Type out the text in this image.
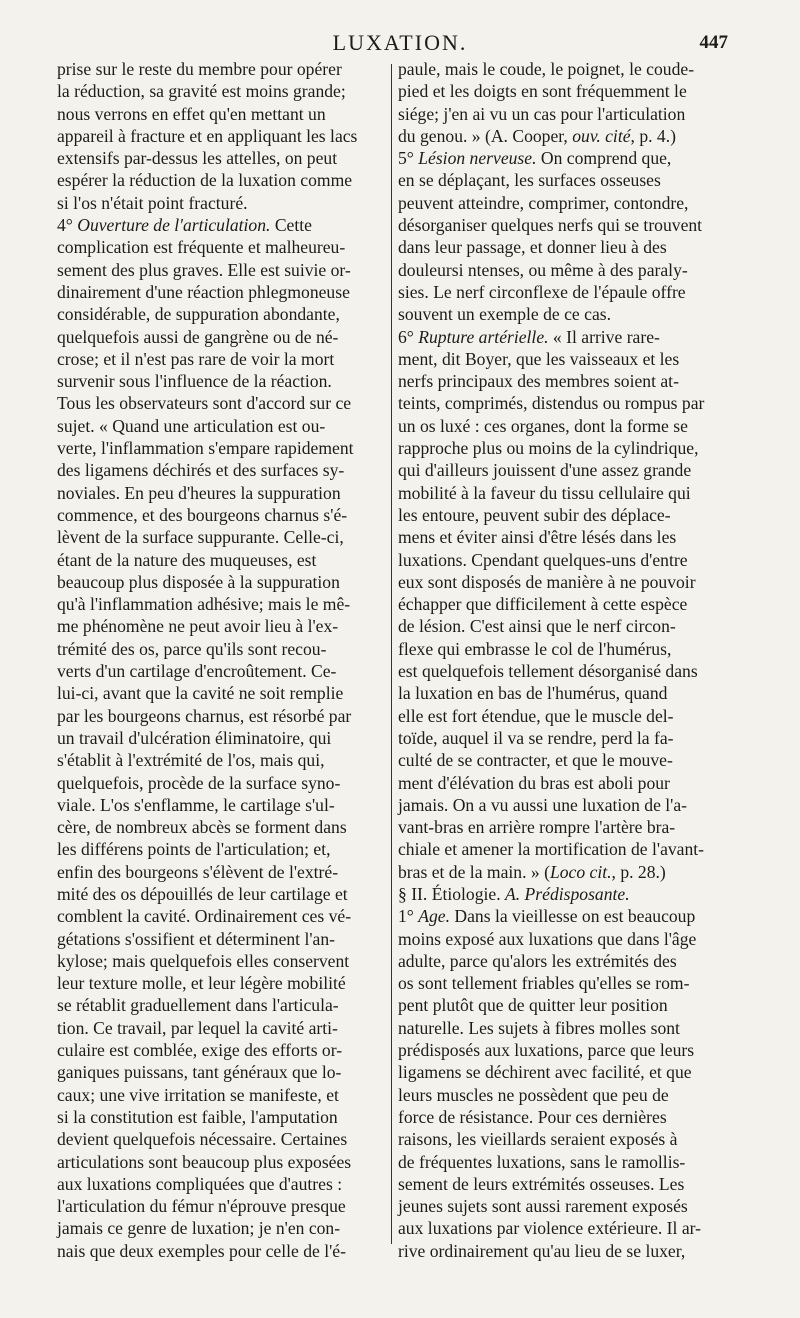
LUXATION.	447
prise sur le reste du membre pour opérer
la réduction, sa gravité est moins grande;
nous verrons en effet qu'en mettant un
appareil à fracture et en appliquant les lacs
extensifs par-dessus les attelles, on peut
espérer la réduction de la luxation comme
si l'os n'était point fracturé.
4° Ouverture de l'articulation. Cette
complication est fréquente et malheureu-
sement des plus graves. Elle est suivie or-
dinairement d'une réaction phlegmoneuse
considérable, de suppuration abondante,
quelquefois aussi de gangrène ou de né-
crose; et il n'est pas rare de voir la mort
survenir sous l'influence de la réaction.
Tous les observateurs sont d'accord sur ce
sujet. « Quand une articulation est ou-
verte, l'inflammation s'empare rapidement
des ligamens déchirés et des surfaces sy-
noviales. En peu d'heures la suppuration
commence, et des bourgeons charnus s'é-
lèvent de la surface suppurante. Celle-ci,
étant de la nature des muqueuses, est
beaucoup plus disposée à la suppuration
qu'à l'inflammation adhésive; mais le mê-
me phénomène ne peut avoir lieu à l'ex-
trémité des os, parce qu'ils sont recou-
verts d'un cartilage d'encroûtement. Ce-
lui-ci, avant que la cavité ne soit remplie
par les bourgeons charnus, est résorbé par
un travail d'ulcération éliminatoire, qui
s'établit à l'extrémité de l'os, mais qui,
quelquefois, procède de la surface syno-
viale. L'os s'enflamme, le cartilage s'ul-
cère, de nombreux abcès se forment dans
les différens points de l'articulation; et,
enfin des bourgeons s'élèvent de l'extré-
mité des os dépouillés de leur cartilage et
comblent la cavité. Ordinairement ces vé-
gétations s'ossifient et déterminent l'an-
kylose; mais quelquefois elles conservent
leur texture molle, et leur légère mobilité
se rétablit graduellement dans l'articula-
tion. Ce travail, par lequel la cavité arti-
culaire est comblée, exige des efforts or-
ganiques puissans, tant généraux que lo-
caux; une vive irritation se manifeste, et
si la constitution est faible, l'amputation
devient quelquefois nécessaire. Certaines
articulations sont beaucoup plus exposées
aux luxations compliquées que d'autres :
l'articulation du fémur n'éprouve presque
jamais ce genre de luxation; je n'en con-
nais que deux exemples pour celle de l'é-
paule, mais le coude, le poignet, le coude-
pied et les doigts en sont fréquemment le
siége; j'en ai vu un cas pour l'articulation
du genou. » (A. Cooper, ouv. cité, p. 4.)
5° Lésion nerveuse. On comprend que,
en se déplaçant, les surfaces osseuses
peuvent atteindre, comprimer, contondre,
désorganiser quelques nerfs qui se trouvent
dans leur passage, et donner lieu à des
douleursi ntenses, ou même à des paraly-
sies. Le nerf circonflexe de l'épaule offre
souvent un exemple de ce cas.
6° Rupture artérielle. « Il arrive rare-
ment, dit Boyer, que les vaisseaux et les
nerfs principaux des membres soient at-
teints, comprimés, distendus ou rompus par
un os luxé : ces organes, dont la forme se
rapproche plus ou moins de la cylindrique,
qui d'ailleurs jouissent d'une assez grande
mobilité à la faveur du tissu cellulaire qui
les entoure, peuvent subir des déplace-
mens et éviter ainsi d'être lésés dans les
luxations. Cpendant quelques-uns d'entre
eux sont disposés de manière à ne pouvoir
échapper que difficilement à cette espèce
de lésion. C'est ainsi que le nerf circon-
flexe qui embrasse le col de l'humérus,
est quelquefois tellement désorganisé dans
la luxation en bas de l'humérus, quand
elle est fort étendue, que le muscle del-
toïde, auquel il va se rendre, perd la fa-
culté de se contracter, et que le mouve-
ment d'élévation du bras est aboli pour
jamais. On a vu aussi une luxation de l'a-
vant-bras en arrière rompre l'artère bra-
chiale et amener la mortification de l'avant-
bras et de la main. » (Loco cit., p. 28.)
§ II. Étiologie. A. Prédisposante.
1° Age. Dans la vieillesse on est beaucoup
moins exposé aux luxations que dans l'âge
adulte, parce qu'alors les extrémités des
os sont tellement friables qu'elles se rom-
pent plutôt que de quitter leur position
naturelle. Les sujets à fibres molles sont
prédisposés aux luxations, parce que leurs
ligamens se déchirent avec facilité, et que
leurs muscles ne possèdent que peu de
force de résistance. Pour ces dernières
raisons, les vieillards seraient exposés à
de fréquentes luxations, sans le ramollis-
sement de leurs extrémités osseuses. Les
jeunes sujets sont aussi rarement exposés
aux luxations par violence extérieure. Il ar-
rive ordinairement qu'au lieu de se luxer,
